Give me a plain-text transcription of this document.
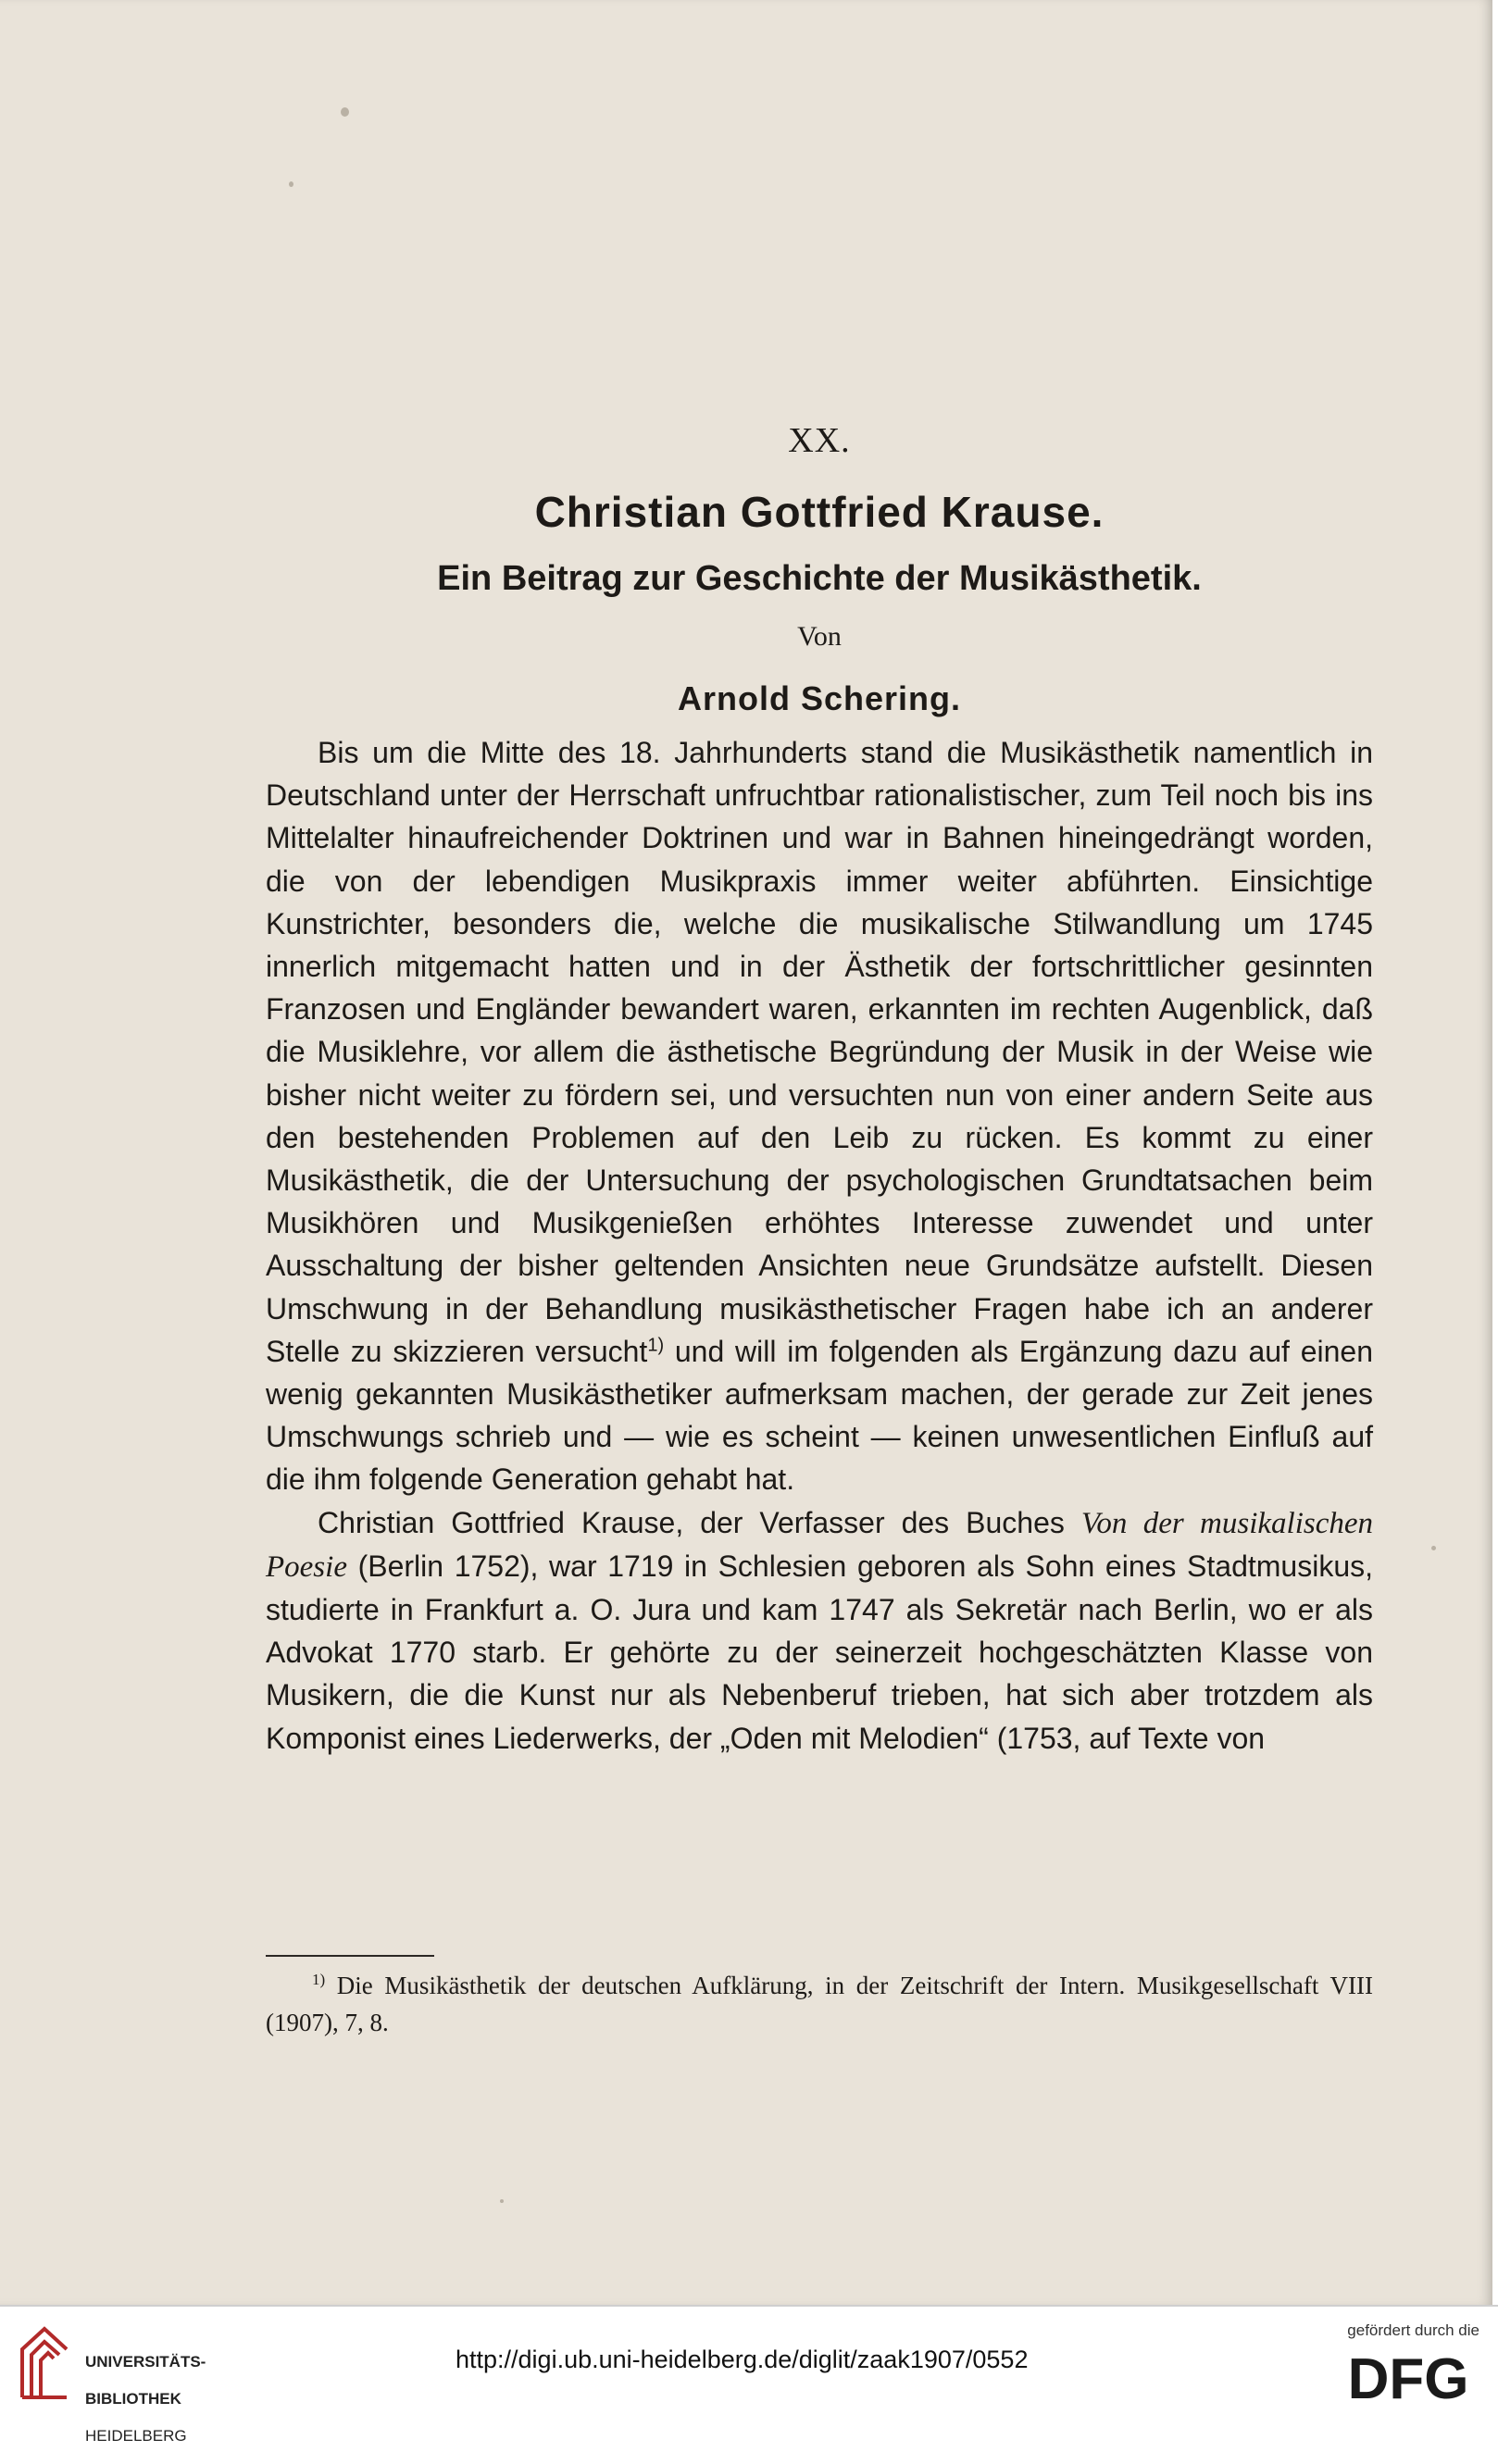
XX.
Christian Gottfried Krause.
Ein Beitrag zur Geschichte der Musikästhetik.
Von
Arnold Schering.

Bis um die Mitte des 18. Jahrhunderts stand die Musikästhetik namentlich in Deutschland unter der Herrschaft unfruchtbar rationalistischer, zum Teil noch bis ins Mittelalter hinaufreichender Doktrinen und war in Bahnen hineingedrängt worden, die von der lebendigen Musikpraxis immer weiter abführten. Einsichtige Kunstrichter, besonders die, welche die musikalische Stilwandlung um 1745 innerlich mitgemacht hatten und in der Ästhetik der fortschrittlicher gesinnten Franzosen und Engländer bewandert waren, erkannten im rechten Augenblick, daß die Musiklehre, vor allem die ästhetische Begründung der Musik in der Weise wie bisher nicht weiter zu fördern sei, und versuchten nun von einer andern Seite aus den bestehenden Problemen auf den Leib zu rücken. Es kommt zu einer Musikästhetik, die der Untersuchung der psychologischen Grundtatsachen beim Musikhören und Musikgenießen erhöhtes Interesse zuwendet und unter Ausschaltung der bisher geltenden Ansichten neue Grundsätze aufstellt. Diesen Umschwung in der Behandlung musikästhetischer Fragen habe ich an anderer Stelle zu skizzieren versucht$^{1)}$ und will im folgenden als Ergänzung dazu auf einen wenig gekannten Musikästhetiker aufmerksam machen, der gerade zur Zeit jenes Umschwungs schrieb und — wie es scheint — keinen unwesentlichen Einfluß auf die ihm folgende Generation gehabt hat.

Christian Gottfried Krause, der Verfasser des Buches Von der musikalischen Poesie (Berlin 1752), war 1719 in Schlesien geboren als Sohn eines Stadtmusikus, studierte in Frankfurt a. O. Jura und kam 1747 als Sekretär nach Berlin, wo er als Advokat 1770 starb. Er gehörte zu der seinerzeit hochgeschätzten Klasse von Musikern, die die Kunst nur als Nebenberuf trieben, hat sich aber trotzdem als Komponist eines Liederwerks, der „Oden mit Melodien“ (1753, auf Texte von

$^{1)}$ Die Musikästhetik der deutschen Aufklärung, in der Zeitschrift der Intern. Musikgesellschaft VIII (1907), 7, 8.

UNIVERSITÄTS-

BIBLIOTHEK

HEIDELBERG

http://digi.ub.uni-heidelberg.de/diglit/zaak1907/0552
gefördert durch die
DFG
